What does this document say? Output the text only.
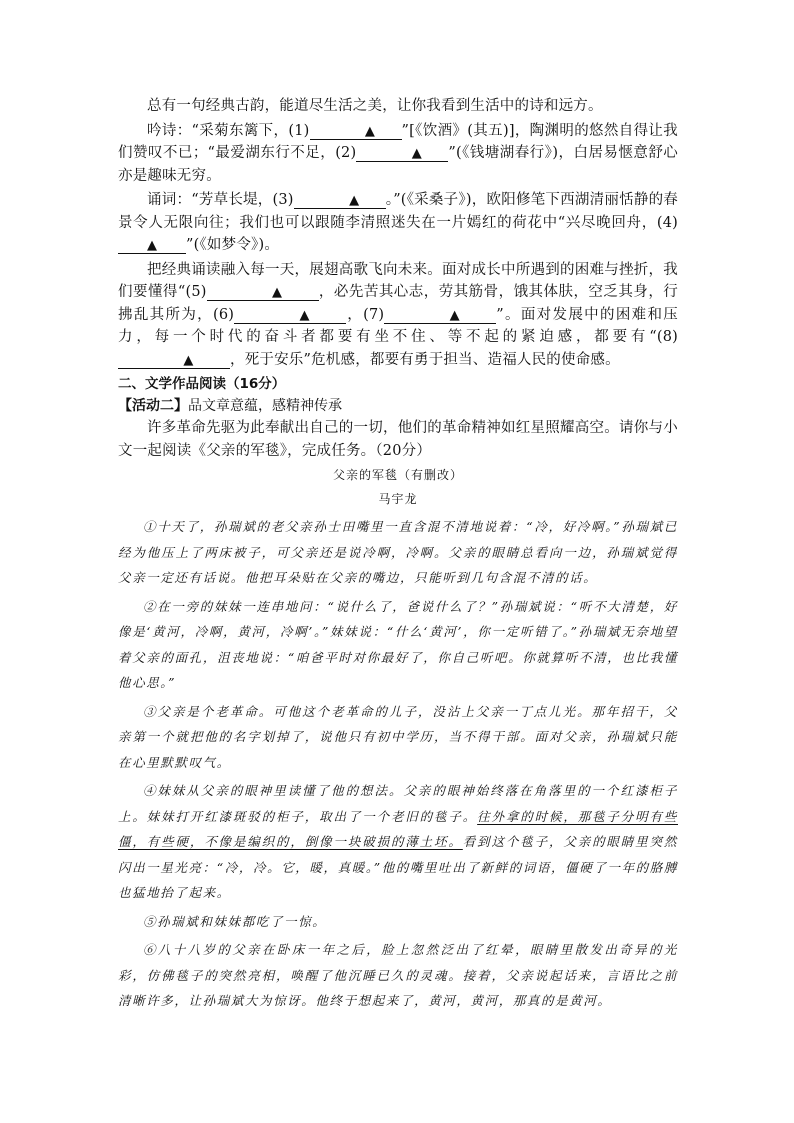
总有一句经典古韵，能道尽生活之美，让你我看到生活中的诗和远方。

吟诗：“采菊东篱下，(1)	▲ ”[《饮酒》(其五)]，陶渊明的悠然自得让我们赞叹不已；“最爱湖东行不足，(2)	▲ ”(《钱塘湖春行》)，白居易惬意舒心亦是趣味无穷。

诵词：“芳草长堤，(3)	▲ 。”(《采桑子》)，欧阳修笔下西湖清丽恬静的春景令人无限向往；我们也可以跟随李清照迷失在一片嫣红的荷花中“兴尽晚回舟，(4)▲ ”(《如梦令》)。

把经典诵读融入每一天，展翅高歌飞向未来。面对成长中所遇到的困难与挫折，我们要懂得“(5)	▲	，必先苦其心志，劳其筋骨，饿其体肤，空乏其身，行拂乱其所为，(6)	▲	，(7)	▲	”。面对发展中的困难和压力，每一个时代的奋斗者都要有坐不住、等不起的紧迫感，都要有“(8)▲	，死于安乐”危机感，都要有勇于担当、造福人民的使命感。

二、文学作品阅读（16分）

【活动二】品文章意蕴，感精神传承

许多革命先驱为此奉献出自己的一切，他们的革命精神如红星照耀高空。请你与小文一起阅读《父亲的军毯》，完成任务。（20分）

父亲的军毯（有删改）

马宇龙

①十天了，孙瑞斌的老父亲孙士田嘴里一直含混不清地说着：“冷，好冷啊。”孙瑞斌已经为他压上了两床被子，可父亲还是说冷啊，冷啊。父亲的眼睛总看向一边，孙瑞斌觉得父亲一定还有话说。他把耳朵贴在父亲的嘴边，只能听到几句含混不清的话。

②在一旁的妹妹一连串地问：“说什么了，爸说什么了？”孙瑞斌说：“听不大清楚，好像是‘黄河，冷啊，黄河，冷啊’。”妹妹说：“什么‘黄河’，你一定听错了。”孙瑞斌无奈地望着父亲的面孔，沮丧地说：“咱爸平时对你最好了，你自己听吧。你就算听不清，也比我懂他心思。”

③父亲是个老革命。可他这个老革命的儿子，没沾上父亲一丁点儿光。那年招干，父亲第一个就把他的名字划掉了，说他只有初中学历，当不得干部。面对父亲，孙瑞斌只能在心里默默叹气。

④妹妹从父亲的眼神里读懂了他的想法。父亲的眼神始终落在角落里的一个红漆柜子上。妹妹打开红漆斑驳的柜子，取出了一个老旧的毯子。往外拿的时候，那毯子分明有些僵，有些硬，不像是编织的，倒像一块破损的薄土坯。看到这个毯子，父亲的眼睛里突然闪出一星光亮：“冷，冷。它，暖，真暖。”他的嘴里吐出了新鲜的词语，僵硬了一年的胳膊也猛地抬了起来。

⑤孙瑞斌和妹妹都吃了一惊。

⑥八十八岁的父亲在卧床一年之后，脸上忽然泛出了红晕，眼睛里散发出奇异的光彩，仿佛毯子的突然亮相，唤醒了他沉睡已久的灵魂。接着，父亲说起话来，言语比之前清晰许多，让孙瑞斌大为惊讶。他终于想起来了，黄河，黄河，那真的是黄河。
